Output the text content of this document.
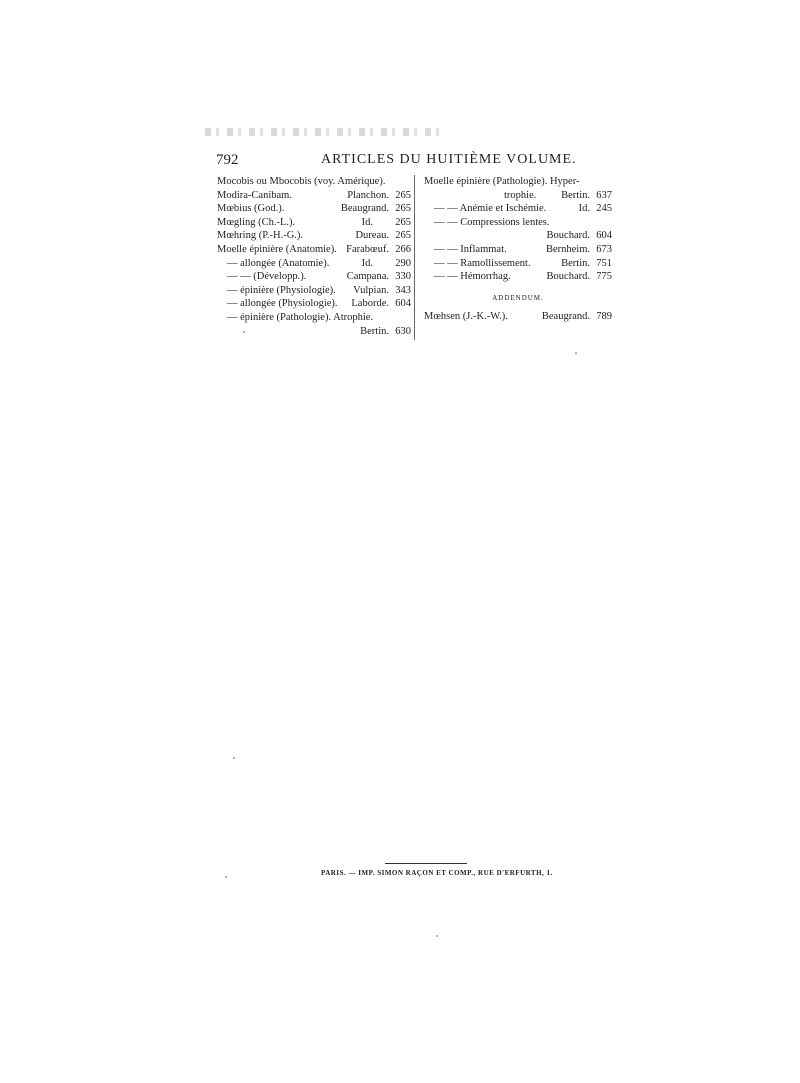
792	ARTICLES DU HUITIÈME VOLUME.
Mocobis ou Mbocobis (voy. Amérique).
Modira-Canibam.	Planchon. 265
Mœbius (God.).	Beaugrand. 265
Mœgling (Ch.-L.).	Id. 265
Mœhring (P.-H.-G.).	Dureau. 265
Moelle épinière (Anatomie). Farabœuf. 266
— allongée (Anatomie).	Id. 290
— — (Développ.).	Campana. 330
— épinière (Physiologie). Vulpian. 343
— allongée (Physiologie). Laborde. 604
— épinière (Pathologie). Atrophie.
Bertin. 630
Moelle épinière (Pathologie). Hyper-
trophie. Bertin. 637
— — Anémie et Ischémie.	Id. 245
— — Compressions lentes.
Bouchard. 604
— — Inflammat.	Bernheim. 673
— — Ramollissement.	Bertin. 751
— — Hémorrhag.	Bouchard. 775
ADDENDUM.
Mœhsen (J.-K.-W.).	Beaugrand. 789
PARIS. — IMP. SIMON RAÇON ET COMP., RUE D'ERFURTH, 1.
